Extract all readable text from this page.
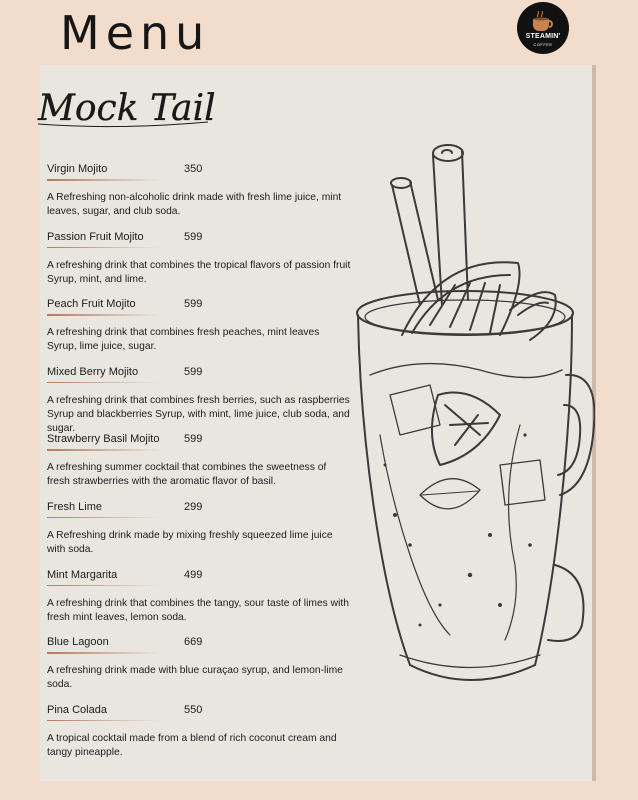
Menu	STEAMIN'
COFFEE
Mock Tails
Virgin Mojito	350
A Refreshing non-alcoholic drink made with fresh lime juice, mint leaves, sugar, and club soda.
Passion Fruit Mojito	599
A refreshing drink that combines the tropical flavors of passion fruit Syrup, mint, and lime.
Peach Fruit Mojito	599
A refreshing drink that combines fresh peaches, mint leaves Syrup, lime juice, sugar.
Mixed Berry Mojito	599
A refreshing drink that combines fresh berries, such as raspberries Syrup and blackberries Syrup, with mint, lime juice, club soda, and sugar.
Strawberry Basil Mojito 599
A refreshing summer cocktail that combines the sweetness of fresh strawberries with the aromatic flavor of basil.
Fresh Lime	299
A Refreshing drink made by mixing freshly squeezed lime juice with soda.
Mint Margarita	499
A refreshing drink that combines the tangy, sour taste of limes with fresh mint leaves, lemon soda.
Blue Lagoon	669
A refreshing drink made with blue curaçao syrup, and lemon-lime soda.
Pina Colada	550
A tropical cocktail made from a blend of rich coconut cream and tangy pineapple.
